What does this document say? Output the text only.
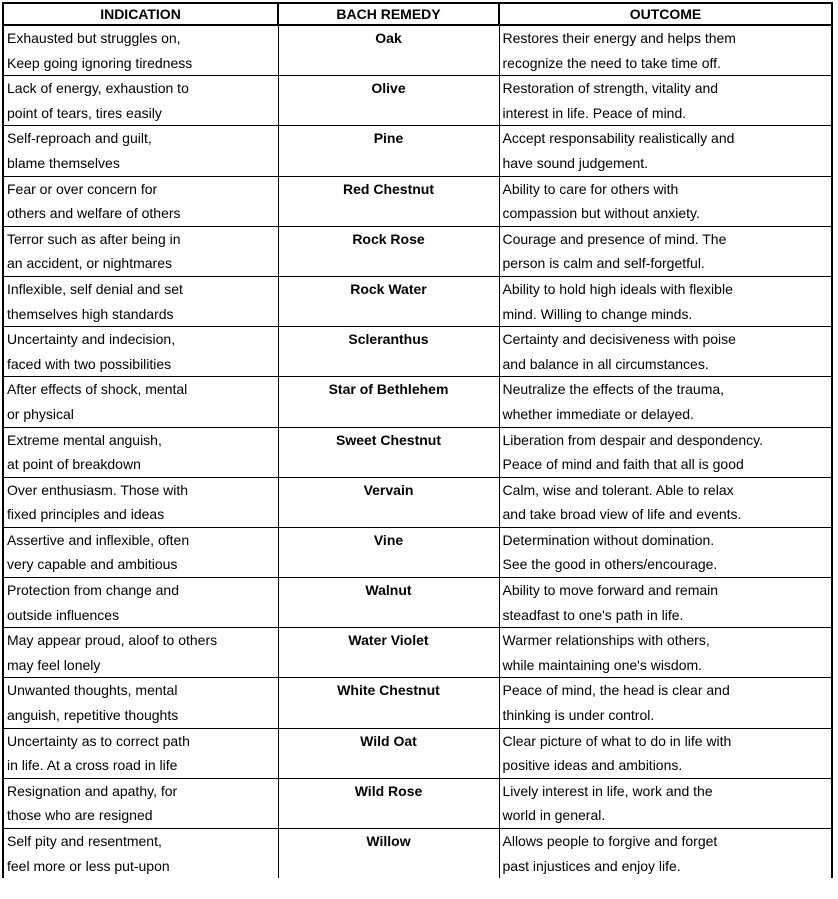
INDICATION	BACH REMEDY	OUTCOME

Exhausted but struggles on,
Keep going ignoring tiredness	Oak	Restores their energy and helps them
recognize the need to take time off.

Lack of energy, exhaustion to
point of tears, tires easily	Olive	Restoration of strength, vitality and
interest in life. Peace of mind.

Self-reproach and guilt,
blame themselves	Pine	Accept responsability realistically and
have sound judgement.

Fear or over concern for
others and welfare of others	Red Chestnut	Ability to care for others with
compassion but without anxiety.

Terror such as after being in
an accident, or nightmares	Rock Rose	Courage and presence of mind. The
person is calm and self-forgetful.

Inflexible, self denial and set
themselves high standards	Rock Water	Ability to hold high ideals with flexible
mind. Willing to change minds.

Uncertainty and indecision,
faced with two possibilities	Scleranthus	Certainty and decisiveness with poise
and balance in all circumstances.

After effects of shock, mental
or physical	Star of Bethlehem	Neutralize the effects of the trauma,
whether immediate or delayed.

Extreme mental anguish,
at point of breakdown	Sweet Chestnut	Liberation from despair and despondency.
Peace of mind and faith that all is good

Over enthusiasm. Those with
fixed principles and ideas	Vervain	Calm, wise and tolerant. Able to relax
and take broad view of life and events.

Assertive and inflexible, often
very capable and ambitious	Vine	Determination without domination.
See the good in others/encourage.

Protection from change and
outside influences	Walnut	Ability to move forward and remain
steadfast to one's path in life.

May appear proud, aloof to others
may feel lonely	Water Violet	Warmer relationships with others,
while maintaining one's wisdom.

Unwanted thoughts, mental
anguish, repetitive thoughts	White Chestnut	Peace of mind, the head is clear and
thinking is under control.

Uncertainty as to correct path
in life. At a cross road in life	Wild Oat	Clear picture of what to do in life with
positive ideas and ambitions.

Resignation and apathy, for
those who are resigned	Wild Rose	Lively interest in life, work and the
world in general.

Self pity and resentment,
feel more or less put-upon	Willow	Allows people to forgive and forget
past injustices and enjoy life.
